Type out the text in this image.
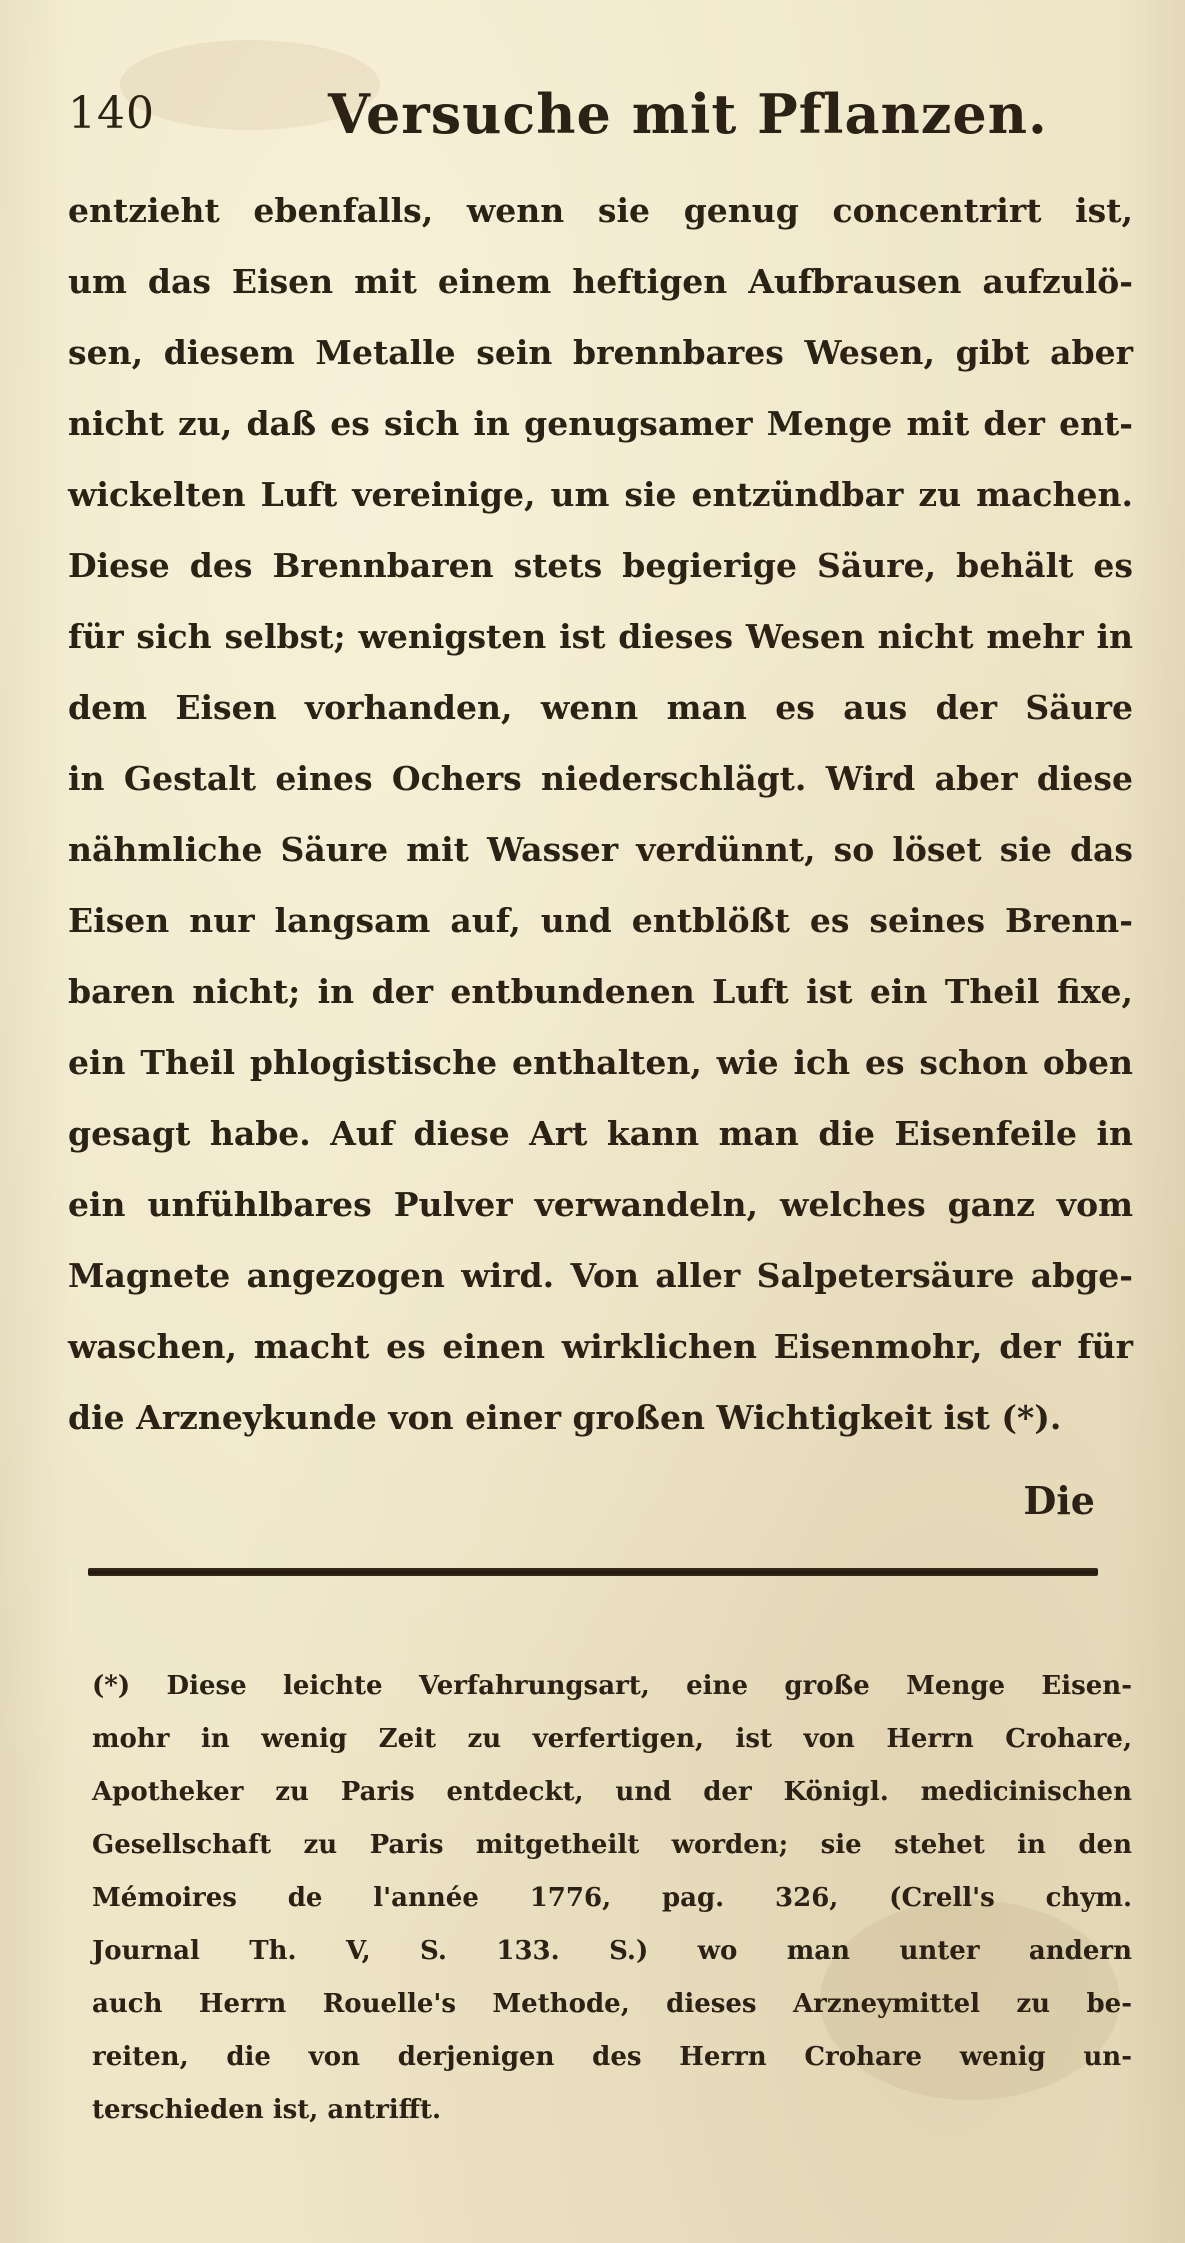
140	Versuche mit Pflanzen.
entzieht ebenfalls, wenn sie genug concentrirt ist,
um das Eisen mit einem heftigen Aufbrausen aufzulö-
sen, diesem Metalle sein brennbares Wesen, gibt aber
nicht zu, daß es sich in genugsamer Menge mit der ent-
wickelten Luft vereinige, um sie entzündbar zu machen.
Diese des Brennbaren stets begierige Säure, behält es
für sich selbst; wenigsten ist dieses Wesen nicht mehr in
dem Eisen vorhanden, wenn man es aus der Säure
in Gestalt eines Ochers niederschlägt. Wird aber diese
nähmliche Säure mit Wasser verdünnt, so löset sie das
Eisen nur langsam auf, und entblößt es seines Brenn-
baren nicht; in der entbundenen Luft ist ein Theil fixe,
ein Theil phlogistische enthalten, wie ich es schon oben
gesagt habe. Auf diese Art kann man die Eisenfeile in
ein unfühlbares Pulver verwandeln, welches ganz vom
Magnete angezogen wird. Von aller Salpetersäure abge-
waschen, macht es einen wirklichen Eisenmohr, der für
die Arzneykunde von einer großen Wichtigkeit ist (*).
Die
(*) Diese leichte Verfahrungsart, eine große Menge Eisen-
mohr in wenig Zeit zu verfertigen, ist von Herrn Crohare,
Apotheker zu Paris entdeckt, und der Königl. medicinischen
Gesellschaft zu Paris mitgetheilt worden; sie stehet in den
Mémoires de l'année 1776, pag. 326, (Crell's chym.
Journal Th. V, S. 133. S.) wo man unter andern
auch Herrn Rouelle's Methode, dieses Arzneymittel zu be-
reiten, die von derjenigen des Herrn Crohare wenig un-
terschieden ist, antrifft.
